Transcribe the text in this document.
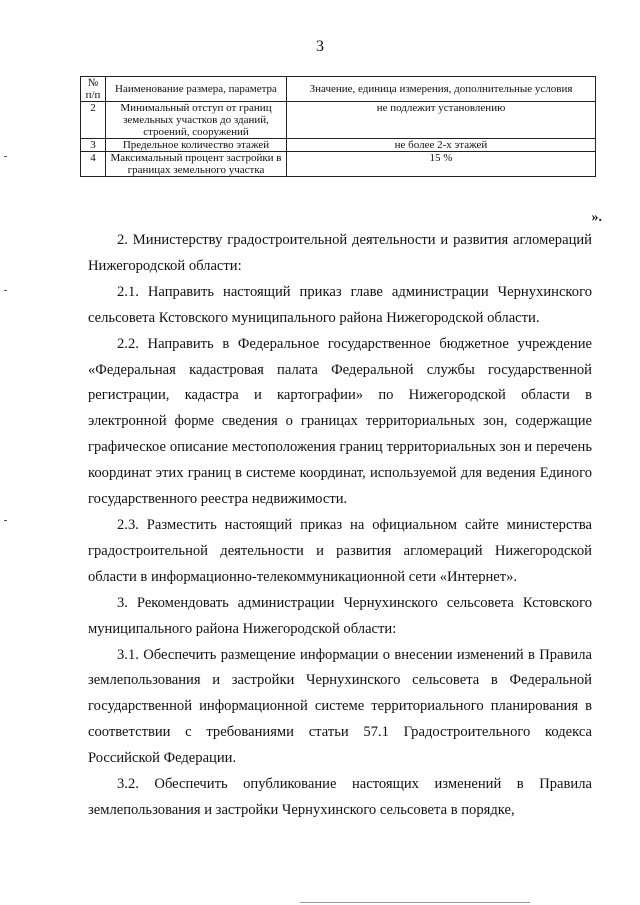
3
№ п/п	Наименование размера, параметра	Значение, единица измерения, дополнительные условия
2	Минимальный отступ от границ земельных участков до зданий, строений, сооружений	не подлежит установлению
3	Предельное количество этажей	не более 2-х этажей
4	Максимальный процент застройки в границах земельного участка	15 %
».

2. Министерству градостроительной деятельности и развития агломераций Нижегородской области:

2.1. Направить настоящий приказ главе администрации Чернухинского сельсовета Кстовского муниципального района Нижегородской области.

2.2. Направить в Федеральное государственное бюджетное учреждение «Федеральная кадастровая палата Федеральной службы государственной регистрации, кадастра и картографии» по Нижегородской области в электронной форме сведения о границах территориальных зон, содержащие графическое описание местоположения границ территориальных зон и перечень координат этих границ в системе координат, используемой для ведения Единого государственного реестра недвижимости.

2.3. Разместить настоящий приказ на официальном сайте министерства градостроительной деятельности и развития агломераций Нижегородской области в информационно-телекоммуникационной сети «Интернет».

3. Рекомендовать администрации Чернухинского сельсовета Кстовского муниципального района Нижегородской области:

3.1. Обеспечить размещение информации о внесении изменений в Правила землепользования и застройки Чернухинского сельсовета в Федеральной государственной информационной системе территориального планирования в соответствии с требованиями статьи 57.1 Градостроительного кодекса Российской Федерации.

3.2. Обеспечить опубликование настоящих изменений в Правила землепользования и застройки Чернухинского сельсовета в порядке,
